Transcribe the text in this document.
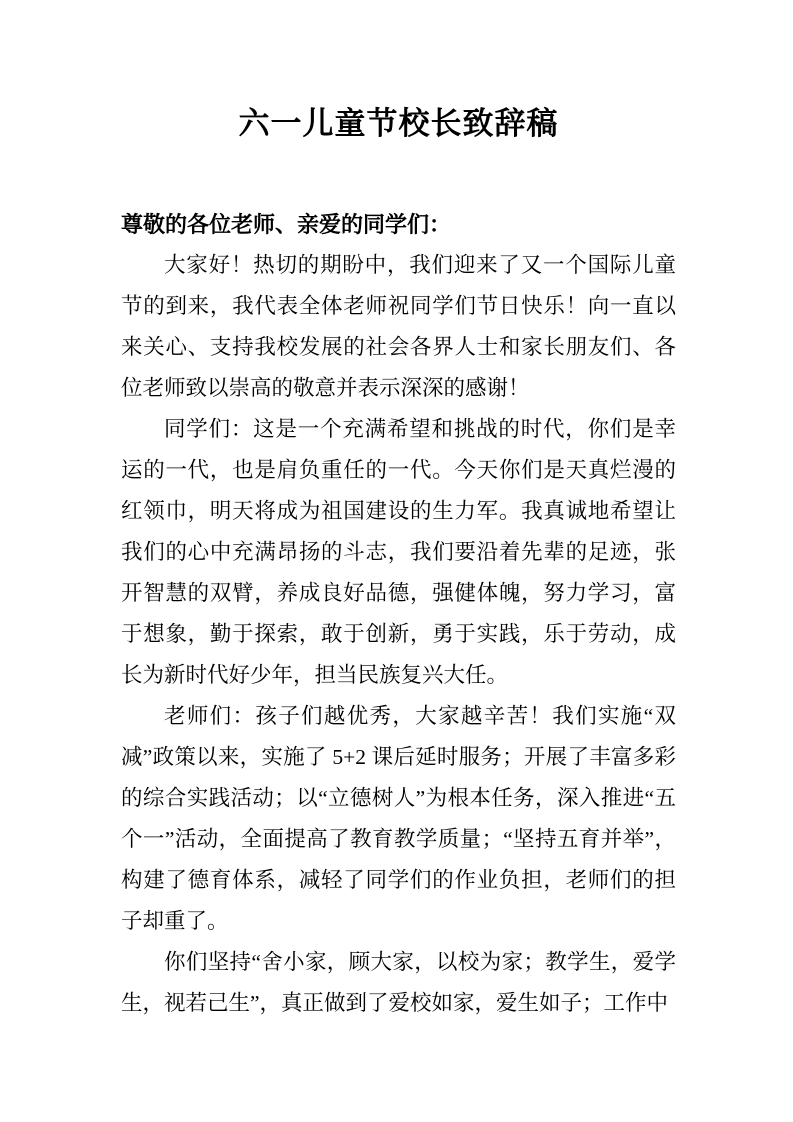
六一儿童节校长致辞稿

尊敬的各位老师、亲爱的同学们：

大家好！热切的期盼中，我们迎来了又一个国际儿童节的到来，我代表全体老师祝同学们节日快乐！向一直以来关心、支持我校发展的社会各界人士和家长朋友们、各位老师致以崇高的敬意并表示深深的感谢！

同学们：这是一个充满希望和挑战的时代，你们是幸运的一代，也是肩负重任的一代。今天你们是天真烂漫的红领巾，明天将成为祖国建设的生力军。我真诚地希望让我们的心中充满昂扬的斗志，我们要沿着先辈的足迹，张开智慧的双臂，养成良好品德，强健体魄，努力学习，富于想象，勤于探索，敢于创新，勇于实践，乐于劳动，成长为新时代好少年，担当民族复兴大任。

老师们：孩子们越优秀，大家越辛苦！我们实施“双减”政策以来，实施了 5+2 课后延时服务；开展了丰富多彩的综合实践活动；以“立德树人”为根本任务，深入推进“五个一”活动，全面提高了教育教学质量；“坚持五育并举”，构建了德育体系，减轻了同学们的作业负担，老师们的担子却重了。

你们坚持“舍小家，顾大家，以校为家；教学生，爱学生，视若己生”，真正做到了爱校如家，爱生如子；工作中
